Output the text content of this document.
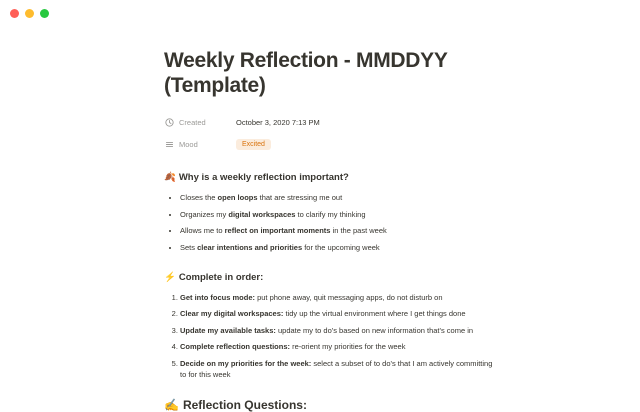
Weekly Reflection - MMDDYY (Template)
Created	October 3, 2020 7:13 PM
Mood	Excited
🍂 Why is a weekly reflection important?
• Closes the open loops that are stressing me out
• Organizes my digital workspaces to clarify my thinking
• Allows me to reflect on important moments in the past week
• Sets clear intentions and priorities for the upcoming week
⚡ Complete in order:
1. Get into focus mode: put phone away, quit messaging apps, do not disturb on
2. Clear my digital workspaces: tidy up the virtual environment where I get things done
3. Update my available tasks: update my to do's based on new information that's come in
4. Complete reflection questions: re-orient my priorities for the week
5. Decide on my priorities for the week: select a subset of to do's that I am actively committing to for this week
✍️ Reflection Questions:
